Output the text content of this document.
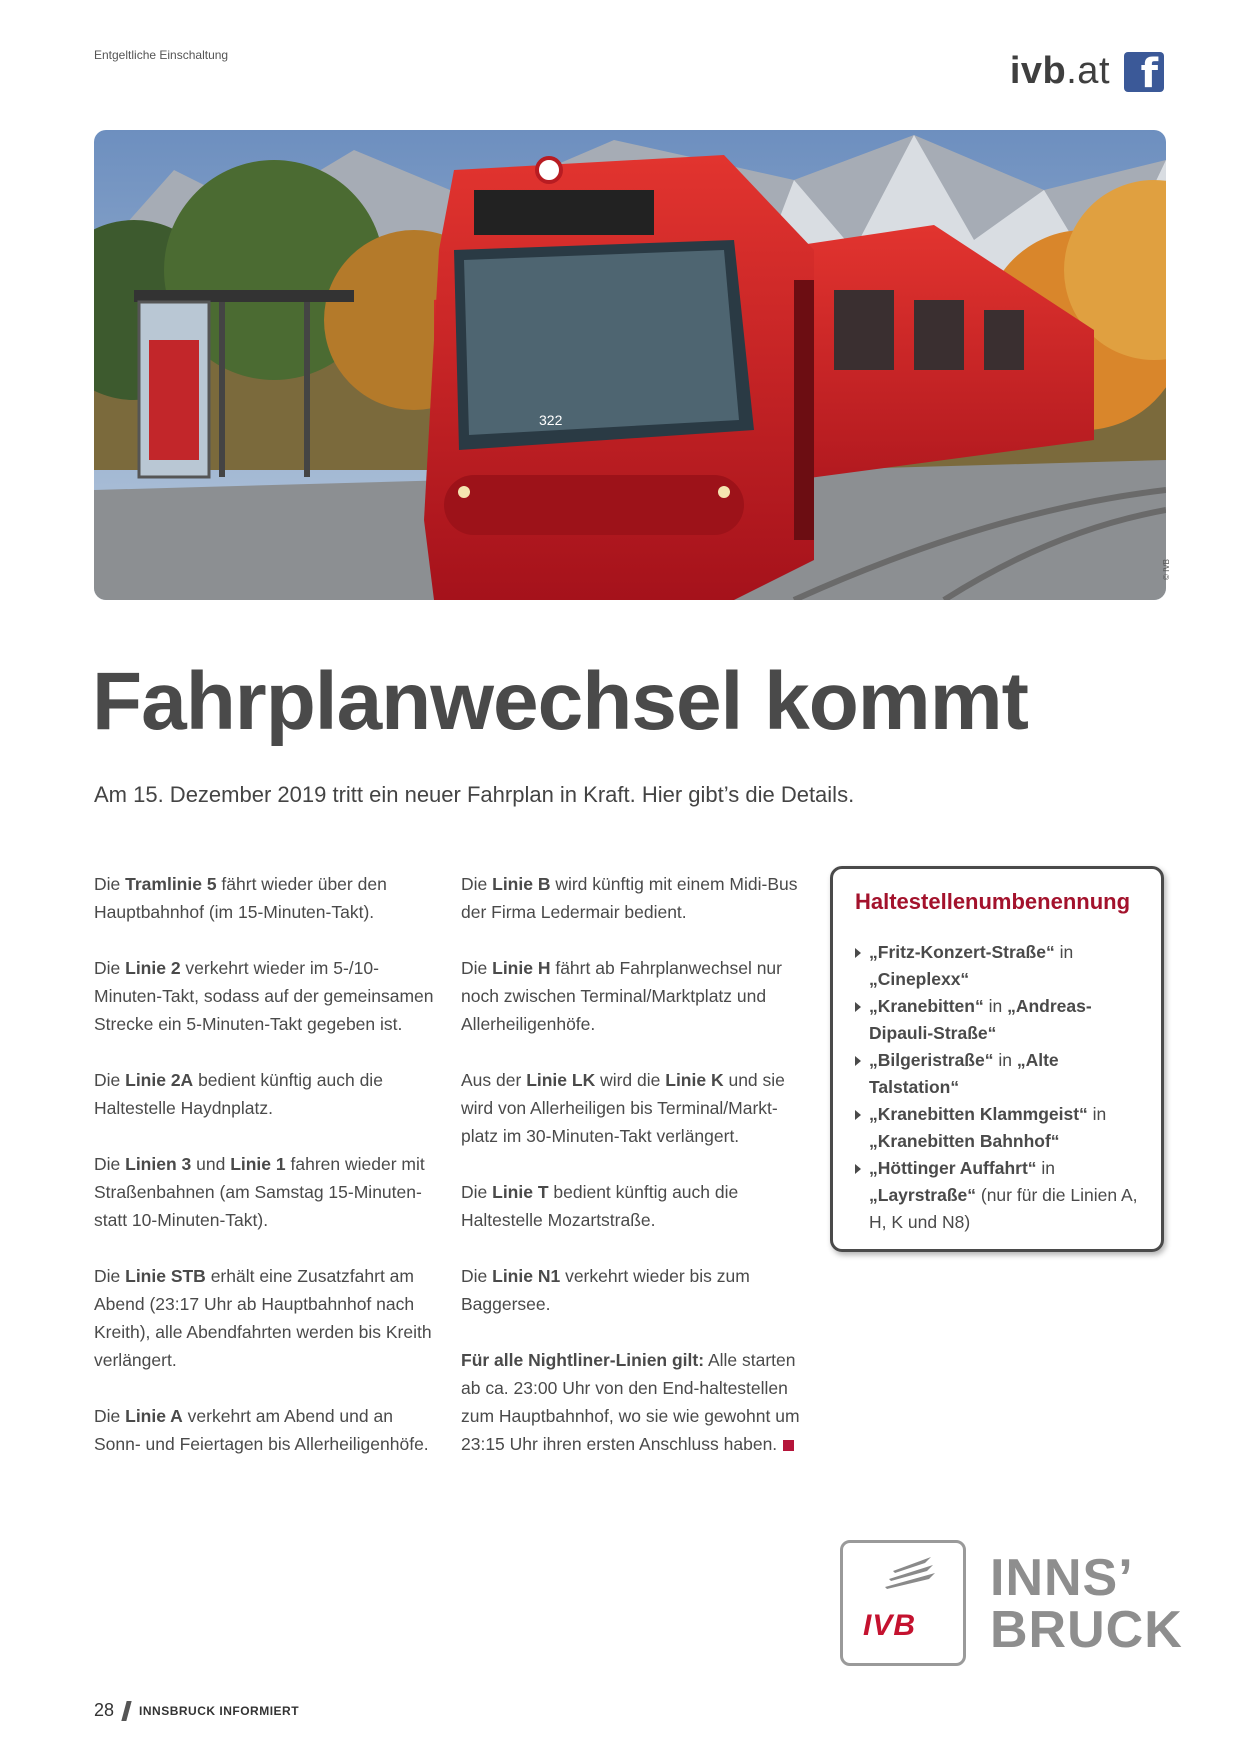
Entgeltliche Einschaltung	ivb.at f
322
© IVB
Fahrplanwechsel kommt

Am 15. Dezember 2019 tritt ein neuer Fahrplan in Kraft. Hier gibt’s die Details.

Die Tramlinie 5 fährt wieder über den Hauptbahnhof (im 15-Minuten-Takt).

Die Linie 2 verkehrt wieder im 5-/10-Minuten-Takt, sodass auf der gemeinsamen Strecke ein 5-Minuten-Takt gegeben ist.

Die Linie 2A bedient künftig auch die Haltestelle Haydnplatz.

Die Linien 3 und Linie 1 fahren wieder mit Straßenbahnen (am Samstag 15-Minuten- statt 10-Minuten-Takt).

Die Linie STB erhält eine Zusatzfahrt am Abend (23:17 Uhr ab Hauptbahnhof nach Kreith), alle Abendfahrten werden bis Kreith verlängert.

Die Linie A verkehrt am Abend und an Sonn- und Feiertagen bis Allerheiligenhöfe.

Die Linie B wird künftig mit einem Midi-Bus der Firma Ledermair bedient.

Die Linie H fährt ab Fahrplanwechsel nur noch zwischen Terminal/Marktplatz und Allerheiligenhöfe.

Aus der Linie LK wird die Linie K und sie wird von Allerheiligen bis Terminal/Markt-platz im 30-Minuten-Takt verlängert.

Die Linie T bedient künftig auch die Haltestelle Mozartstraße.

Die Linie N1 verkehrt wieder bis zum Baggersee.

Für alle Nightliner-Linien gilt: Alle starten ab ca. 23:00 Uhr von den End-haltestellen zum Hauptbahnhof, wo sie wie gewohnt um 23:15 Uhr ihren ersten Anschluss haben.

Haltestellenumbenennung
„Fritz-Konzert-Straße“ in „Cineplexx“
„Kranebitten“ in „Andreas-Dipauli-Straße“
„Bilgeristraße“ in „Alte Talstation“
„Kranebitten Klammgeist“ in „Kranebitten Bahnhof“
„Höttinger Auffahrt“ in „Layrstraße“ (nur für die Linien A, H, K und N8)
IVB
INNS’
BRUCK
28 INNSBRUCK INFORMIERT
